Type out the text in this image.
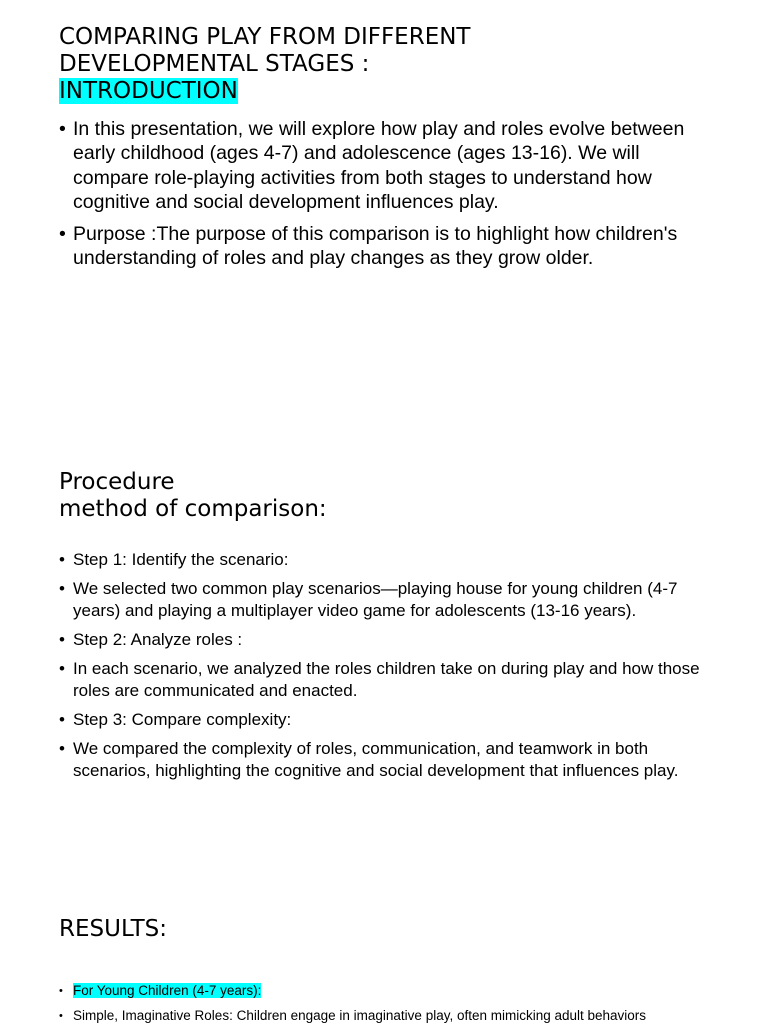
COMPARING PLAY FROM DIFFERENT
DEVELOPMENTAL STAGES :
INTRODUCTION
• In this presentation, we will explore how play and roles evolve between early childhood (ages 4-7) and adolescence (ages 13-16). We will compare role-playing activities from both stages to understand how cognitive and social development influences play.
• Purpose :The purpose of this comparison is to highlight how children's understanding of roles and play changes as they grow older.
Procedure
method of comparison:
• Step 1: Identify the scenario:
• We selected two common play scenarios—playing house for young children (4-7 years) and playing a multiplayer video game for adolescents (13-16 years).
• Step 2: Analyze roles :
• In each scenario, we analyzed the roles children take on during play and how those roles are communicated and enacted.
• Step 3: Compare complexity:
• We compared the complexity of roles, communication, and teamwork in both scenarios, highlighting the cognitive and social development that influences play.
RESULTS:
• For Young Children (4-7 years):
• Simple, Imaginative Roles: Children engage in imaginative play, often mimicking adult behaviors
